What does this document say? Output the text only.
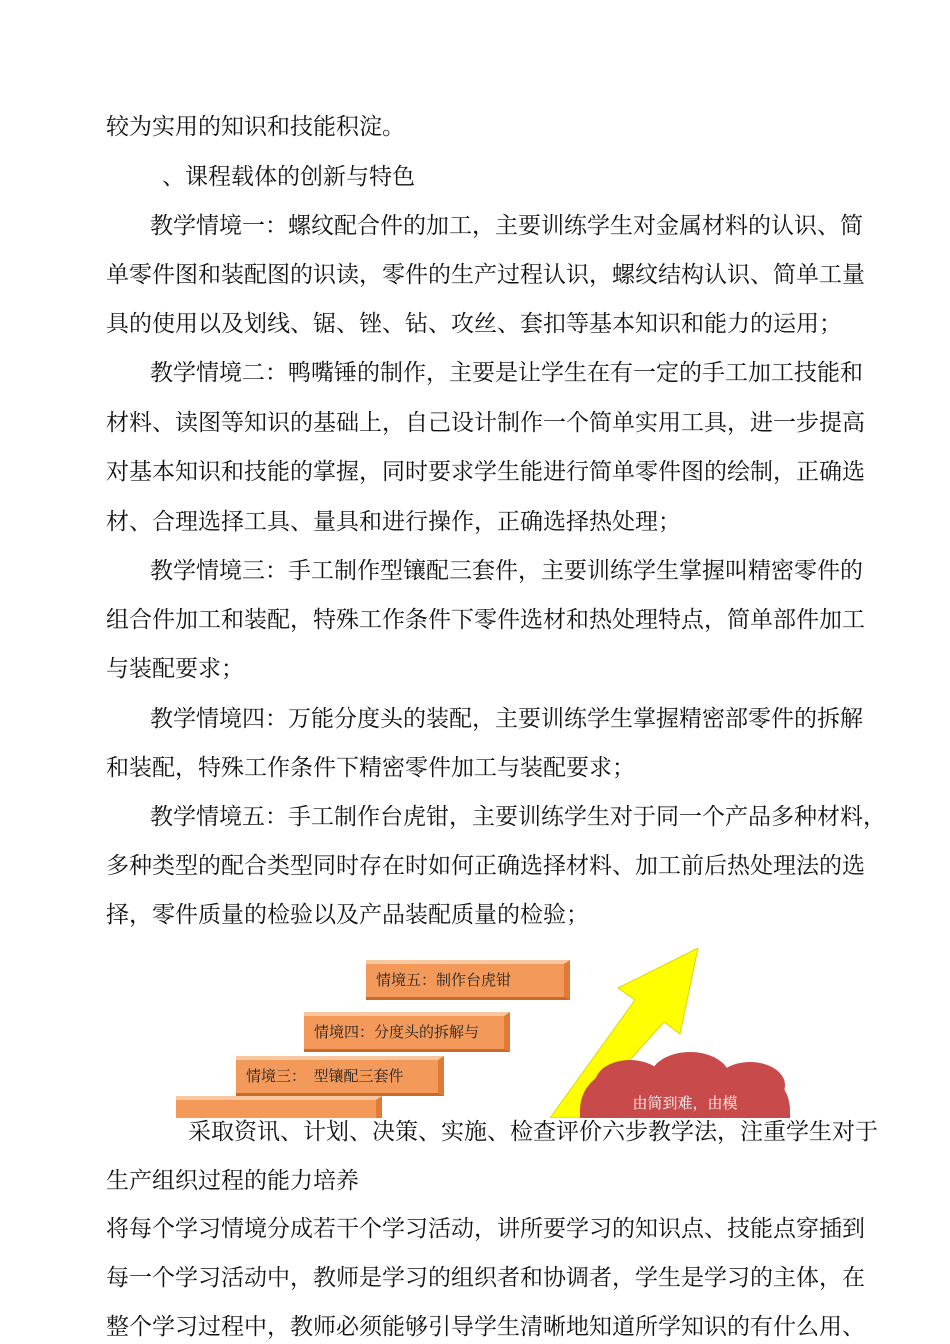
较为实用的知识和技能积淀。
、课程载体的创新与特色
教学情境一：螺纹配合件的加工，主要训练学生对金属材料的认识、简
单零件图和装配图的识读，零件的生产过程认识，螺纹结构认识、简单工量
具的使用以及划线、锯、锉、钻、攻丝、套扣等基本知识和能力的运用；
教学情境二：鸭嘴锤的制作，主要是让学生在有一定的手工加工技能和
材料、读图等知识的基础上，自己设计制作一个简单实用工具，进一步提高
对基本知识和技能的掌握，同时要求学生能进行简单零件图的绘制，正确选
材、合理选择工具、量具和进行操作，正确选择热处理；
教学情境三：手工制作型镶配三套件，主要训练学生掌握叫精密零件的
组合件加工和装配，特殊工作条件下零件选材和热处理特点，简单部件加工
与装配要求；
教学情境四：万能分度头的装配，主要训练学生掌握精密部零件的拆解
和装配，特殊工作条件下精密零件加工与装配要求；
教学情境五：手工制作台虎钳，主要训练学生对于同一个产品多种材料，
多种类型的配合类型同时存在时如何正确选择材料、加工前后热处理法的选
择，零件质量的检验以及产品装配质量的检验；
情境三：　型镶配三套件
情境四：分度头的拆解与
情境五：制作台虎钳
由简到难，由模
采取资讯、计划、决策、实施、检查评价六步教学法，注重学生对于
生产组织过程的能力培养
将每个学习情境分成若干个学习活动，讲所要学习的知识点、技能点穿插到
每一个学习活动中，教师是学习的组织者和协调者，学生是学习的主体，在
整个学习过程中，教师必须能够引导学生清晰地知道所学知识的有什么用、
